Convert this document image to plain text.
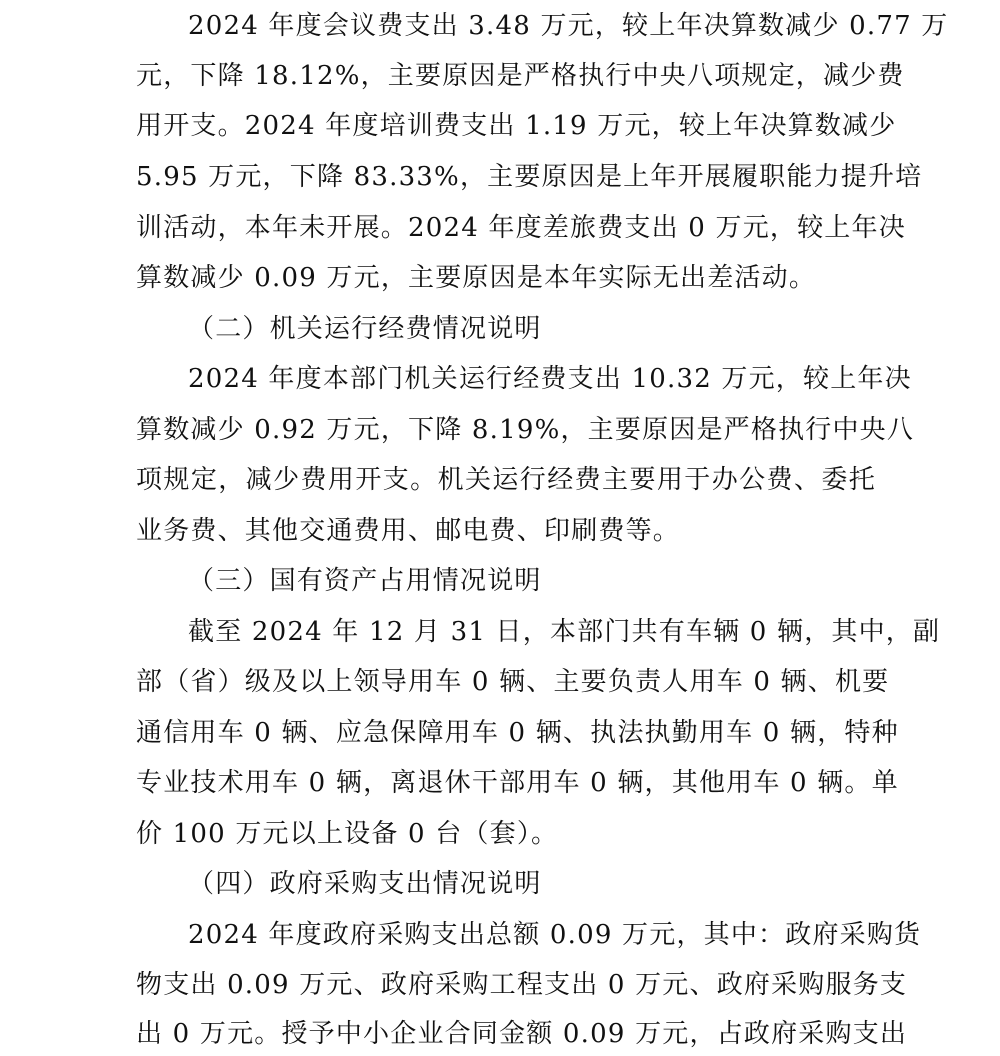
2024 年度会议费支出 3.48 万元，较上年决算数减少 0.77 万
元，下降 18.12%，主要原因是严格执行中央八项规定，减少费
用开支。2024 年度培训费支出 1.19 万元，较上年决算数减少
5.95 万元，下降 83.33%，主要原因是上年开展履职能力提升培
训活动，本年未开展。2024 年度差旅费支出 0 万元，较上年决
算数减少 0.09 万元，主要原因是本年实际无出差活动。
（二）机关运行经费情况说明
2024 年度本部门机关运行经费支出 10.32 万元，较上年决
算数减少 0.92 万元，下降 8.19%，主要原因是严格执行中央八
项规定，减少费用开支。机关运行经费主要用于办公费、委托
业务费、其他交通费用、邮电费、印刷费等。
（三）国有资产占用情况说明
截至 2024 年 12 月 31 日，本部门共有车辆 0 辆，其中，副
部（省）级及以上领导用车 0 辆、主要负责人用车 0 辆、机要
通信用车 0 辆、应急保障用车 0 辆、执法执勤用车 0 辆，特种
专业技术用车 0 辆，离退休干部用车 0 辆，其他用车 0 辆。单
价 100 万元以上设备 0 台（套）。
（四）政府采购支出情况说明
2024 年度政府采购支出总额 0.09 万元，其中：政府采购货
物支出 0.09 万元、政府采购工程支出 0 万元、政府采购服务支
出 0 万元。授予中小企业合同金额 0.09 万元，占政府采购支出
